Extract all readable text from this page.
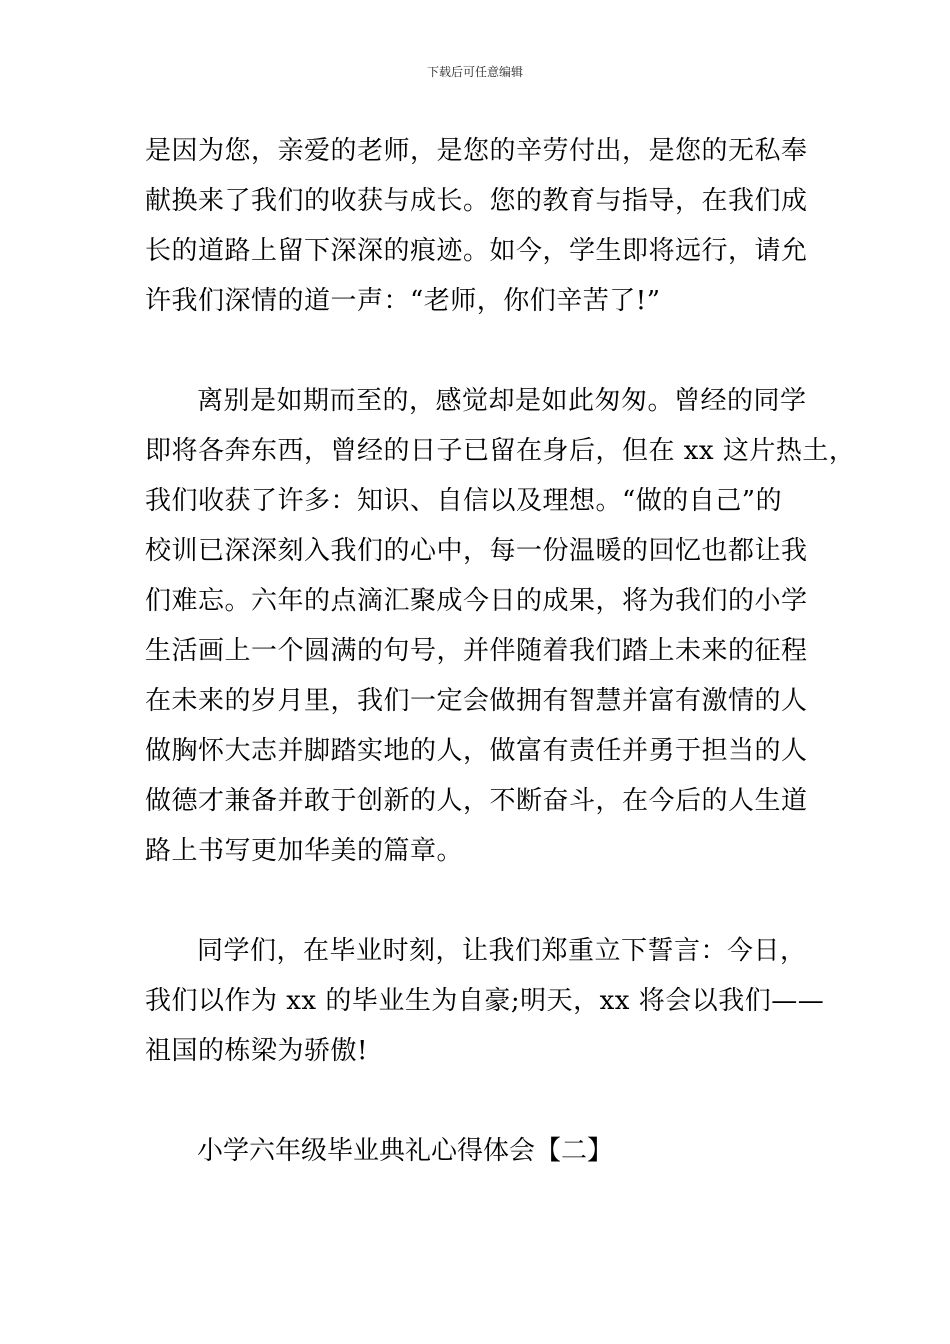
下载后可任意编辑
是因为您，亲爱的老师，是您的辛劳付出，是您的无私奉
献换来了我们的收获与成长。您的教育与指导，在我们成
长的道路上留下深深的痕迹。如今，学生即将远行，请允
许我们深情的道一声：“老师，你们辛苦了!”
离别是如期而至的，感觉却是如此匆匆。曾经的同学
即将各奔东西，曾经的日子已留在身后，但在 xx 这片热土，
我们收获了许多：知识、自信以及理想。“做的自己”的
校训已深深刻入我们的心中，每一份温暖的回忆也都让我
们难忘。六年的点滴汇聚成今日的成果，将为我们的小学
生活画上一个圆满的句号，并伴随着我们踏上未来的征程
在未来的岁月里，我们一定会做拥有智慧并富有激情的人
做胸怀大志并脚踏实地的人，做富有责任并勇于担当的人
做德才兼备并敢于创新的人，不断奋斗，在今后的人生道
路上书写更加华美的篇章。
同学们，在毕业时刻，让我们郑重立下誓言：今日，
我们以作为 xx 的毕业生为自豪;明天，xx 将会以我们——
祖国的栋梁为骄傲!
小学六年级毕业典礼心得体会【二】
